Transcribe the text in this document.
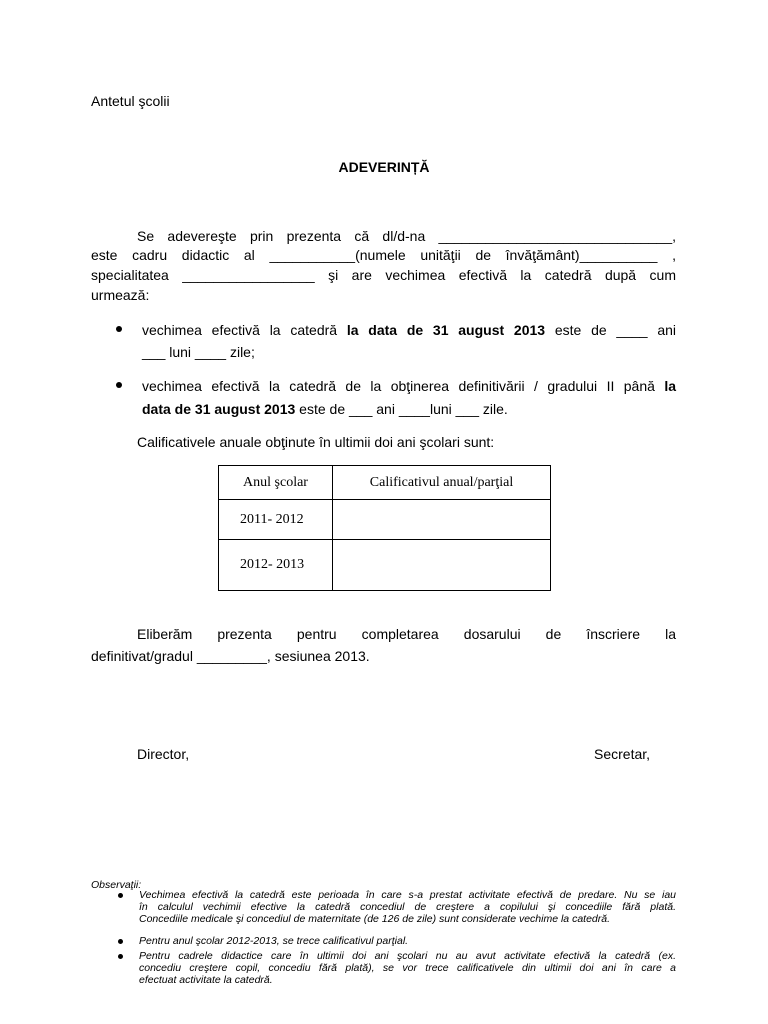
Antetul şcolii
ADEVERINȚĂ
Se adevereşte prin prezenta că dl/d-na ______________________________,
este cadru didactic al ___________(numele unităţii de învăţământ)__________ ,
specialitatea _________________ şi are vechimea efectivă la catedră după cum
urmează:
vechimea efectivă la catedră la data de 31 august 2013 este de ____ ani
___ luni ____ zile;
vechimea efectivă la catedră de la obţinerea definitivării / gradului II până la
data de 31 august 2013 este de ___ ani ____luni ___ zile.
Calificativele anuale obţinute în ultimii doi ani şcolari sunt:
Anul şcolar	Calificativul anual/parţial
2011- 2012	
2012- 2013	
Eliberăm prezenta pentru completarea dosarului de înscriere la
definitivat/gradul _________, sesiunea 2013.
Director,	Secretar,
Observaţii:
Vechimea efectivă la catedră este perioada în care s-a prestat activitate efectivă de predare. Nu se iau
în calculul vechimii efective la catedră concediul de creştere a copilului şi concediile fără plată.
Concediile medicale şi concediul de maternitate (de 126 de zile) sunt considerate vechime la catedră.
Pentru anul şcolar 2012-2013, se trece calificativul parţial.
Pentru cadrele didactice care în ultimii doi ani şcolari nu au avut activitate efectivă la catedră (ex.
concediu creştere copil, concediu fără plată), se vor trece calificativele din ultimii doi ani în care a
efectuat activitate la catedră.
